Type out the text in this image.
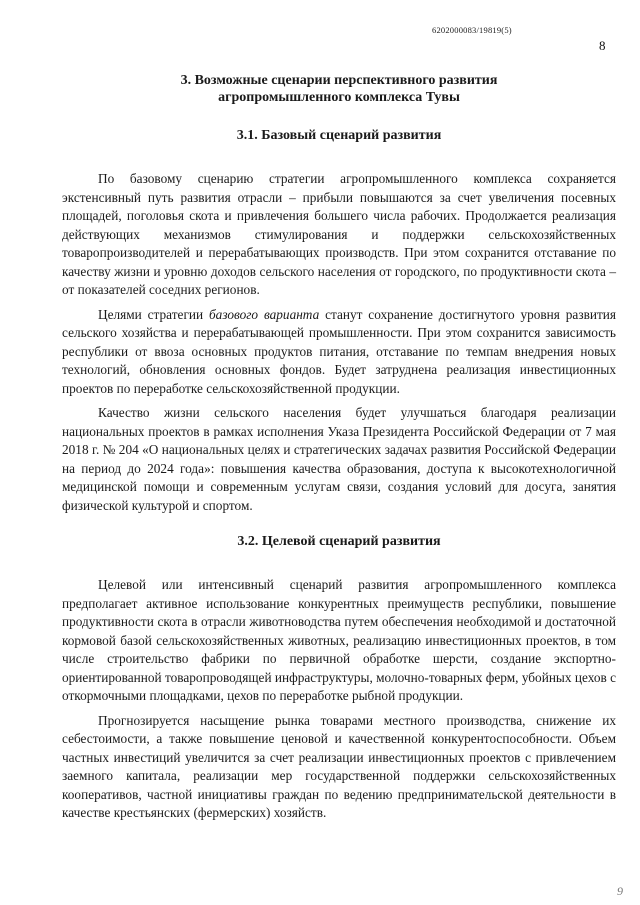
6202000083/19819(5)
8
3. Возможные сценарии перспективного развития
агропромышленного комплекса Тувы
3.1. Базовый сценарий развития

По базовому сценарию стратегии агропромышленного комплекса сохраняется экстенсивный путь развития отрасли – прибыли повышаются за счет увеличения посевных площадей, поголовья скота и привлечения большего числа рабочих. Продолжается реализация действующих механизмов стимулирования и поддержки сельскохозяйственных товаропроизводителей и перерабатывающих производств. При этом сохранится отставание по качеству жизни и уровню доходов сельского населения от городского, по продуктивности скота – от показателей соседних регионов.

Целями стратегии базового варианта станут сохранение достигнутого уровня развития сельского хозяйства и перерабатывающей промышленности. При этом сохранится зависимость республики от ввоза основных продуктов питания, отставание по темпам внедрения новых технологий, обновления основных фондов. Будет затруднена реализация инвестиционных проектов по переработке сельскохозяйственной продукции.

Качество жизни сельского населения будет улучшаться благодаря реализации национальных проектов в рамках исполнения Указа Президента Российской Федерации от 7 мая 2018 г. № 204 «О национальных целях и стратегических задачах развития Российской Федерации на период до 2024 года»: повышения качества образования, доступа к высокотехнологичной медицинской помощи и современным услугам связи, создания условий для досуга, занятия физической культурой и спортом.

3.2. Целевой сценарий развития

Целевой или интенсивный сценарий развития агропромышленного комплекса предполагает активное использование конкурентных преимуществ республики, повышение продуктивности скота в отрасли животноводства путем обеспечения необходимой и достаточной кормовой базой сельскохозяйственных животных, реализацию инвестиционных проектов, в том числе строительство фабрики по первичной обработке шерсти, создание экспортно-ориентированной товаропроводящей инфраструктуры, молочно-товарных ферм, убойных цехов с откормочными площадками, цехов по переработке рыбной продукции.

Прогнозируется насыщение рынка товарами местного производства, снижение их себестоимости, а также повышение ценовой и качественной конкурентоспособности. Объем частных инвестиций увеличится за счет реализации инвестиционных проектов с привлечением заемного капитала, реализации мер государственной поддержки сельскохозяйственных кооперативов, частной инициативы граждан по ведению предпринимательской деятельности в качестве крестьянских (фермерских) хозяйств.

9
